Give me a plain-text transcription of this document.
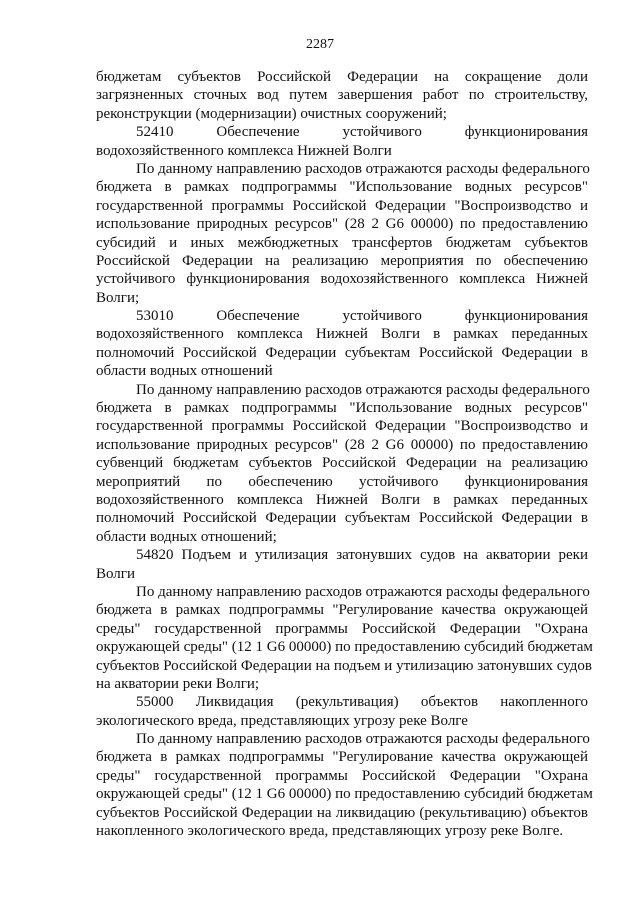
2287
бюджетам субъектов Российской Федерации на сокращение доли
загрязненных сточных вод путем завершения работ по строительству,
реконструкции (модернизации) очистных сооружений;
52410 Обеспечение устойчивого функционирования
водохозяйственного комплекса Нижней Волги
По данному направлению расходов отражаются расходы федерального
бюджета в рамках подпрограммы "Использование водных ресурсов"
государственной программы Российской Федерации "Воспроизводство и
использование природных ресурсов" (28 2 G6 00000) по предоставлению
субсидий и иных межбюджетных трансфертов бюджетам субъектов
Российской Федерации на реализацию мероприятия по обеспечению
устойчивого функционирования водохозяйственного комплекса Нижней
Волги;
53010 Обеспечение устойчивого функционирования
водохозяйственного комплекса Нижней Волги в рамках переданных
полномочий Российской Федерации субъектам Российской Федерации в
области водных отношений
По данному направлению расходов отражаются расходы федерального
бюджета в рамках подпрограммы "Использование водных ресурсов"
государственной программы Российской Федерации "Воспроизводство и
использование природных ресурсов" (28 2 G6 00000) по предоставлению
субвенций бюджетам субъектов Российской Федерации на реализацию
мероприятий по обеспечению устойчивого функционирования
водохозяйственного комплекса Нижней Волги в рамках переданных
полномочий Российской Федерации субъектам Российской Федерации в
области водных отношений;
54820 Подъем и утилизация затонувших судов на акватории реки
Волги
По данному направлению расходов отражаются расходы федерального
бюджета в рамках подпрограммы "Регулирование качества окружающей
среды" государственной программы Российской Федерации "Охрана
окружающей среды" (12 1 G6 00000) по предоставлению субсидий бюджетам
субъектов Российской Федерации на подъем и утилизацию затонувших судов
на акватории реки Волги;
55000 Ликвидация (рекультивация) объектов накопленного
экологического вреда, представляющих угрозу реке Волге
По данному направлению расходов отражаются расходы федерального
бюджета в рамках подпрограммы "Регулирование качества окружающей
среды" государственной программы Российской Федерации "Охрана
окружающей среды" (12 1 G6 00000) по предоставлению субсидий бюджетам
субъектов Российской Федерации на ликвидацию (рекультивацию) объектов
накопленного экологического вреда, представляющих угрозу реке Волге.
